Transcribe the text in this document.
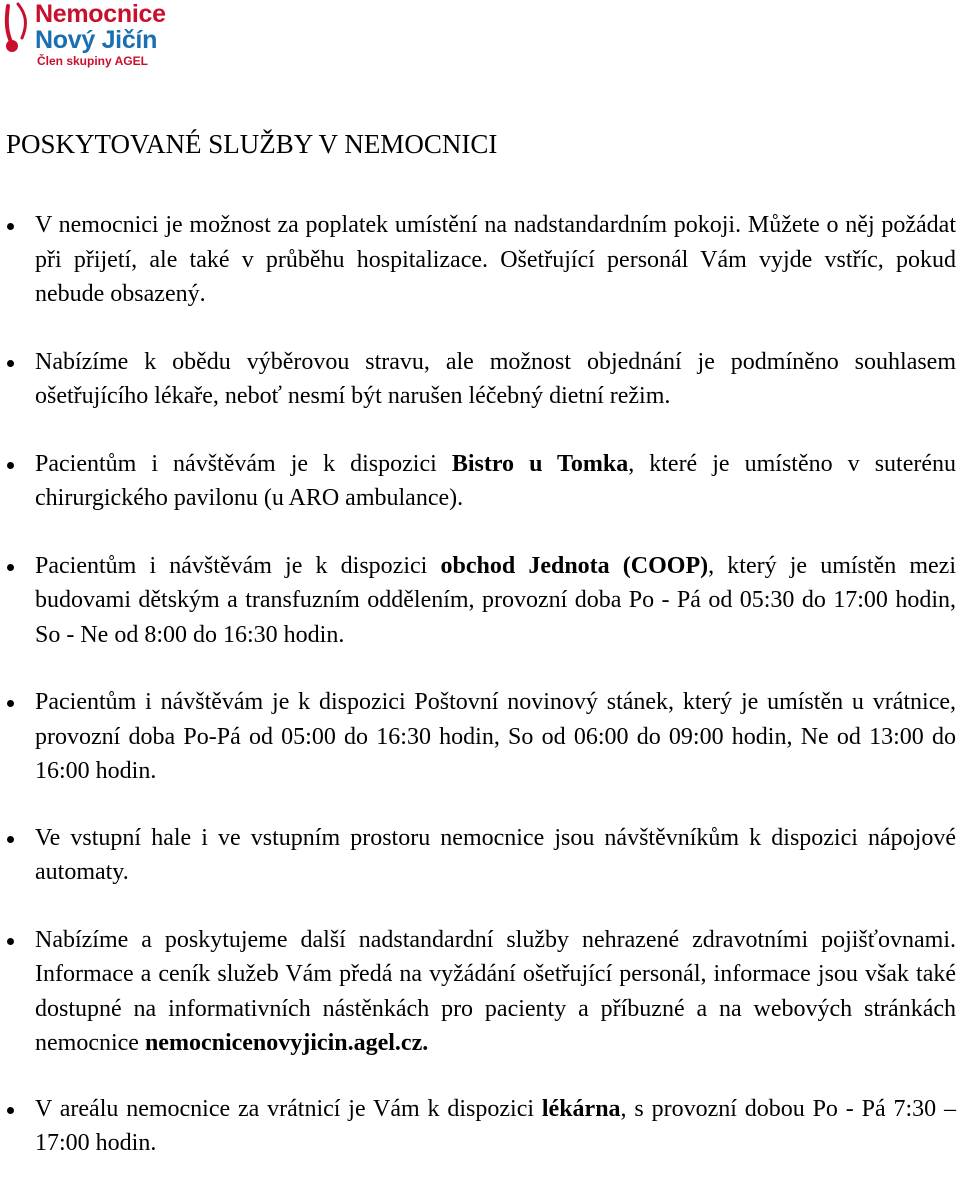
Nemocnice
Nový Jičín
Člen skupiny AGEL
POSKYTOVANÉ SLUŽBY V NEMOCNICI
V nemocnici je možnost za poplatek umístění na nadstandardním pokoji. Můžete o něj požádat při přijetí, ale také v průběhu hospitalizace. Ošetřující personál Vám vyjde vstříc, pokud nebude obsazený.
Nabízíme k obědu výběrovou stravu, ale možnost objednání je podmíněno souhlasem ošetřujícího lékaře, neboť nesmí být narušen léčebný dietní režim.
Pacientům i návštěvám je k dispozici Bistro u Tomka, které je umístěno v suterénu chirurgického pavilonu (u ARO ambulance).
Pacientům i návštěvám je k dispozici obchod Jednota (COOP), který je umístěn mezi budovami dětským a transfuzním oddělením, provozní doba Po - Pá od 05:30 do 17:00 hodin, So - Ne od 8:00 do 16:30 hodin.
Pacientům i návštěvám je k dispozici Poštovní novinový stánek, který je umístěn u vrátnice, provozní doba Po-Pá od 05:00 do 16:30 hodin, So od 06:00 do 09:00 hodin, Ne od 13:00 do 16:00 hodin.
Ve vstupní hale i ve vstupním prostoru nemocnice jsou návštěvníkům k dispozici nápojové automaty.
Nabízíme a poskytujeme další nadstandardní služby nehrazené zdravotními pojišťovnami. Informace a ceník služeb Vám předá na vyžádání ošetřující personál, informace jsou však také dostupné na informativních nástěnkách pro pacienty a příbuzné a na webových stránkách nemocnice nemocnicenovyjicin.agel.cz.
V areálu nemocnice za vrátnicí je Vám k dispozici lékárna, s provozní dobou Po - Pá 7:30 – 17:00 hodin.
